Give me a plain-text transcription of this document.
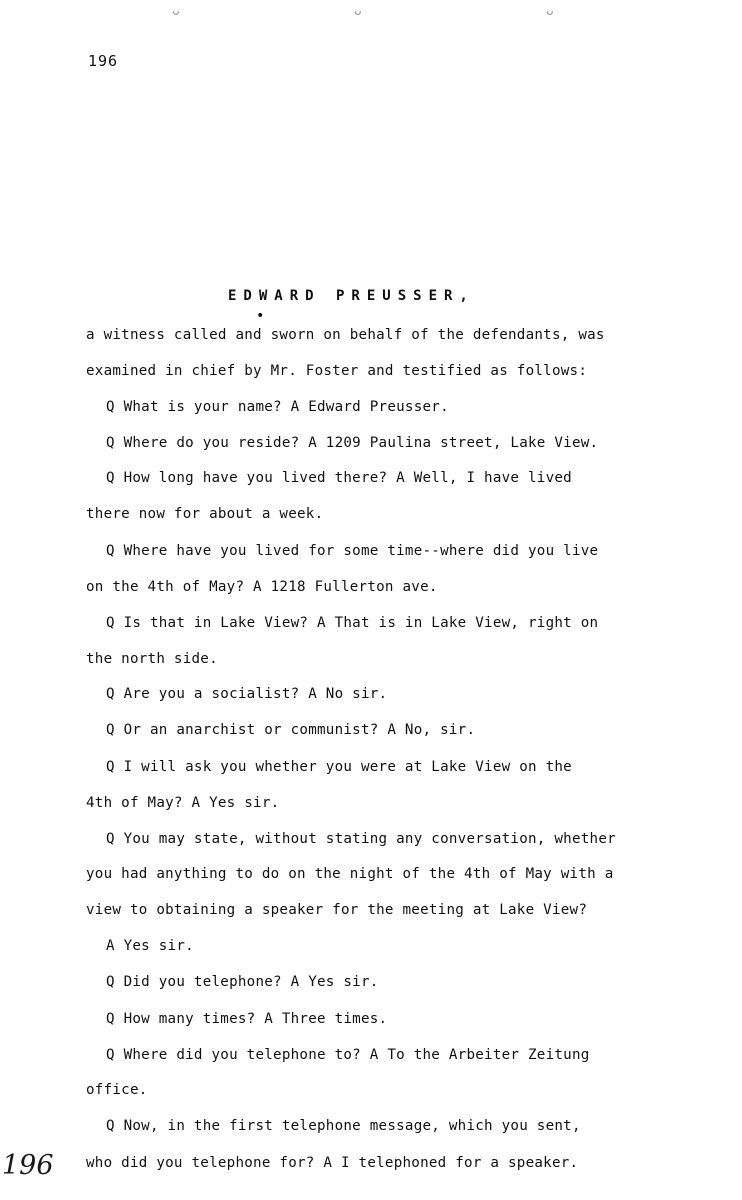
ᴗ	ᴗ	ᴗ
196
EDWARD PREUSSER,
•
a witness called and sworn on behalf of the defendants, was
examined in chief by Mr. Foster and testified as follows:
Q What is your name? A Edward Preusser.
Q Where do you reside? A 1209 Paulina street, Lake View.
Q How long have you lived there? A Well, I have lived
there now for about a week.
Q Where have you lived for some time--where did you live
on the 4th of May? A 1218 Fullerton ave.
Q Is that in Lake View? A That is in Lake View, right on
the north side.
Q Are you a socialist? A No sir.
Q Or an anarchist or communist? A No, sir.
Q I will ask you whether you were at Lake View on the
4th of May? A Yes sir.
Q You may state, without stating any conversation, whether
you had anything to do on the night of the 4th of May with a
view to obtaining a speaker for the meeting at Lake View?
A Yes sir.
Q Did you telephone? A Yes sir.
Q How many times? A Three times.
Q Where did you telephone to? A To the Arbeiter Zeitung
office.
Q Now, in the first telephone message, which you sent,
who did you telephone for? A I telephoned for a speaker.
196
